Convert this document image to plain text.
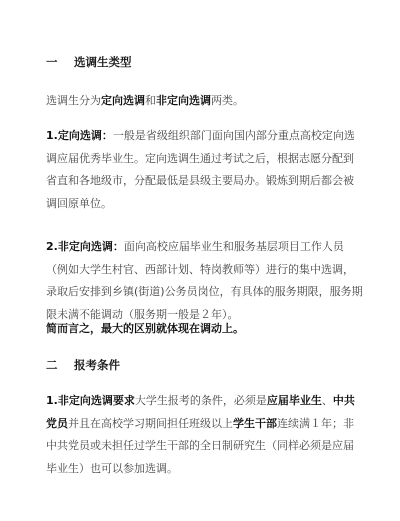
一 选调生类型
选调生分为定向选调和非定向选调两类。
1.定向选调：一般是省级组织部门面向国内部分重点高校定向选调应届优秀毕业生。定向选调生通过考试之后，根据志愿分配到省直和各地级市，分配最低是县级主要局办。锻炼到期后都会被调回原单位。
2.非定向选调：面向高校应届毕业生和服务基层项目工作人员（例如大学生村官、西部计划、特岗教师等）进行的集中选调，录取后安排到乡镇(街道)公务员岗位，有具体的服务期限，服务期限未满不能调动（服务期一般是２年）。
简而言之，最大的区别就体现在调动上。
二 报考条件
1.非定向选调要求大学生报考的条件，必须是应届毕业生、中共党员并且在高校学习期间担任班级以上学生干部连续满１年；非中共党员或未担任过学生干部的全日制研究生（同样必须是应届毕业生）也可以参加选调。
